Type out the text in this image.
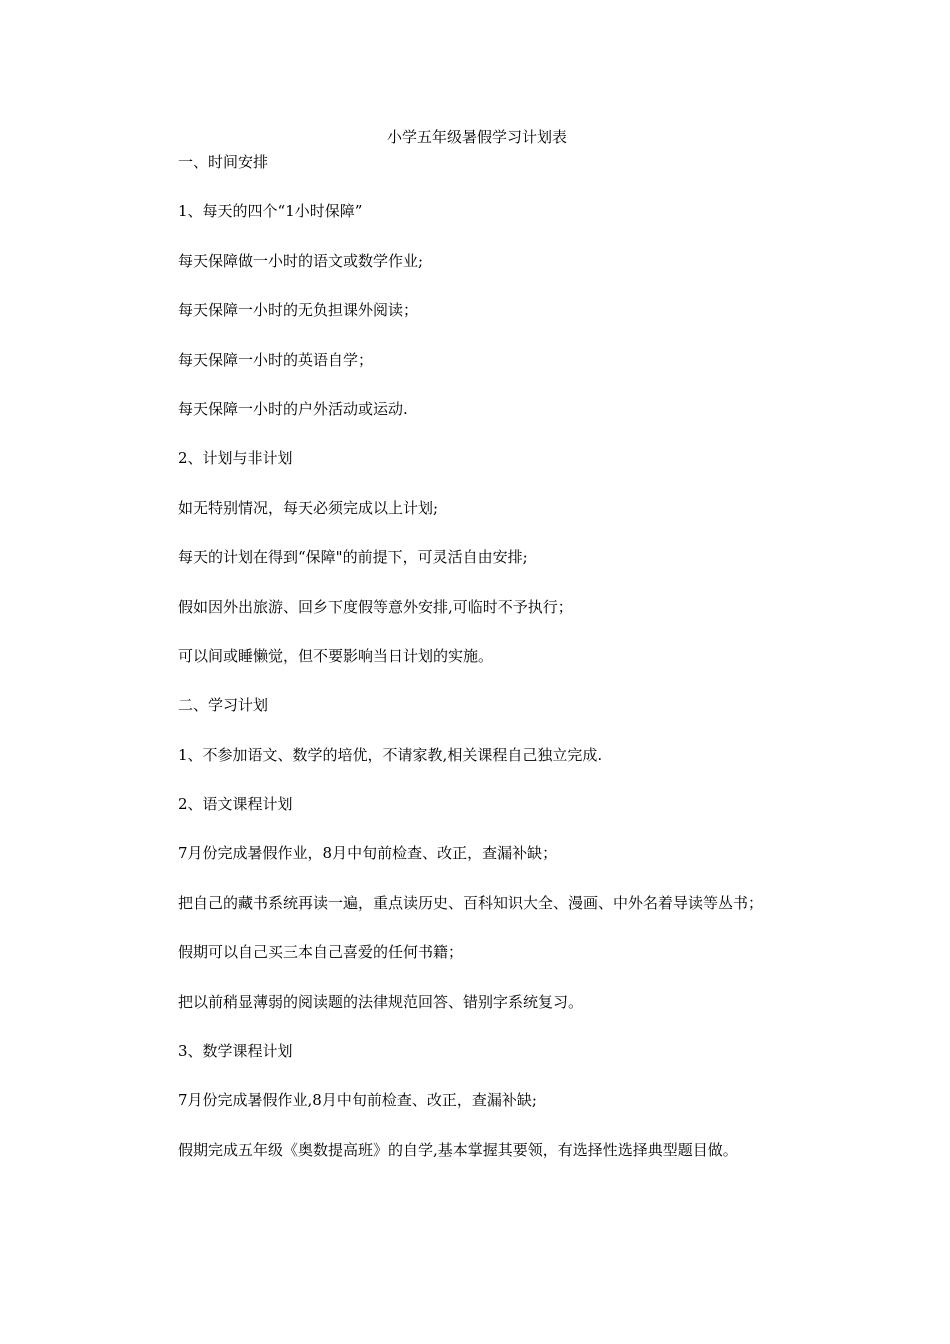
小学五年级暑假学习计划表

一、时间安排

1、每天的四个“1小时保障”

每天保障做一小时的语文或数学作业;

每天保障一小时的无负担课外阅读；

每天保障一小时的英语自学；

每天保障一小时的户外活动或运动.

2、计划与非计划

如无特别情况，每天必须完成以上计划;

每天的计划在得到“保障"的前提下，可灵活自由安排;

假如因外出旅游、回乡下度假等意外安排,可临时不予执行；

可以间或睡懒觉，但不要影响当日计划的实施。

二、学习计划

1、不参加语文、数学的培优，不请家教,相关课程自己独立完成.

2、语文课程计划

7月份完成暑假作业，8月中旬前检查、改正，查漏补缺；

把自己的藏书系统再读一遍，重点读历史、百科知识大全、漫画、中外名着导读等丛书；

假期可以自己买三本自己喜爱的任何书籍；

把以前稍显薄弱的阅读题的法律规范回答、错别字系统复习。

3、数学课程计划

7月份完成暑假作业,8月中旬前检查、改正，查漏补缺;

假期完成五年级《奥数提高班》的自学,基本掌握其要领，有选择性选择典型题目做。
